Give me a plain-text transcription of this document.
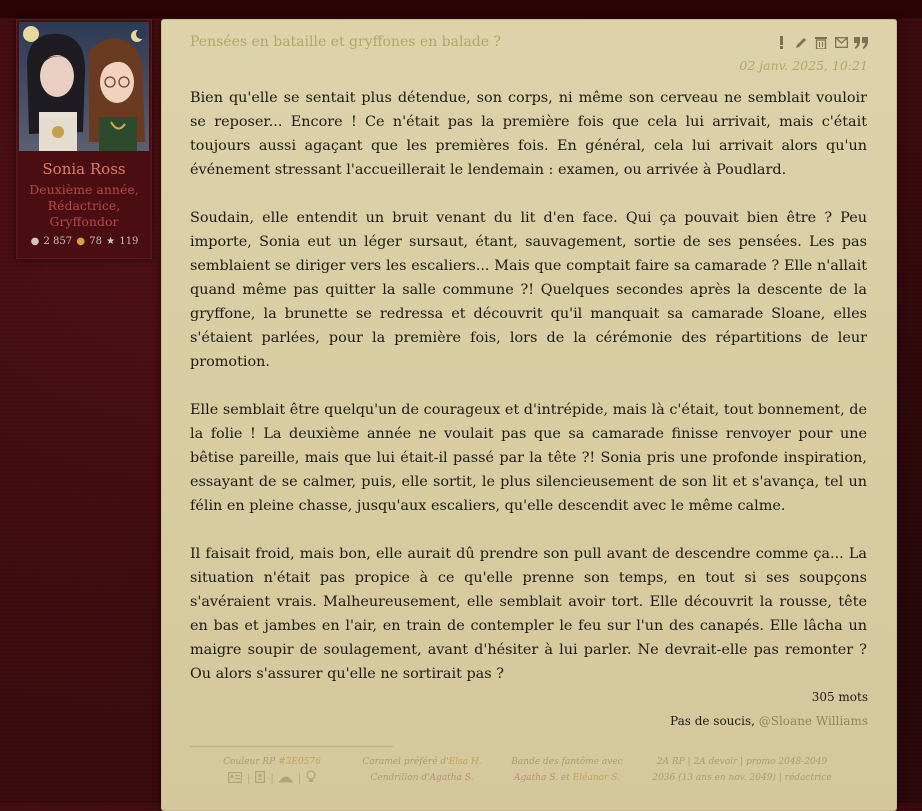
Sonia Ross
Deuxième année,
Rédactrice,
Gryffondor
● 2 857 ● 78 ★ 119
Pensées en bataille et gryffones en balade ?
02 janv. 2025, 10:21

Bien qu'elle se sentait plus détendue, son corps, ni même son cerveau ne semblait vouloir se reposer... Encore ! Ce n'était pas la première fois que cela lui arrivait, mais c'était toujours aussi agaçant que les premières fois. En général, cela lui arrivait alors qu'un événement stressant l'accueillerait le lendemain : examen, ou arrivée à Poudlard.

Soudain, elle entendit un bruit venant du lit d'en face. Qui ça pouvait bien être ? Peu importe, Sonia eut un léger sursaut, étant, sauvagement, sortie de ses pensées. Les pas semblaient se diriger vers les escaliers... Mais que comptait faire sa camarade ? Elle n'allait quand même pas quitter la salle commune ?! Quelques secondes après la descente de la gryffone, la brunette se redressa et découvrit qu'il manquait sa camarade Sloane, elles s'étaient parlées, pour la première fois, lors de la cérémonie des répartitions de leur promotion.

Elle semblait être quelqu'un de courageux et d'intrépide, mais là c'était, tout bonnement, de la folie ! La deuxième année ne voulait pas que sa camarade finisse renvoyer pour une bêtise pareille, mais que lui était-il passé par la tête ?! Sonia pris une profonde inspiration, essayant de se calmer, puis, elle sortit, le plus silencieusement de son lit et s'avança, tel un félin en pleine chasse, jusqu'aux escaliers, qu'elle descendit avec le même calme.

Il faisait froid, mais bon, elle aurait dû prendre son pull avant de descendre comme ça... La situation n'était pas propice à ce qu'elle prenne son temps, en tout si ses soupçons s'avéraient vrais. Malheureusement, elle semblait avoir tort. Elle découvrit la rousse, tête en bas et jambes en l'air, en train de contempler le feu sur l'un des canapés. Elle lâcha un maigre soupir de soulagement, avant d'hésiter à lui parler. Ne devrait-elle pas remonter ? Ou alors s'assurer qu'elle ne sortirait pas ?

305 mots
Pas de soucis, @Sloane Williams
Couleur RP #3E0576
| | |
Caramel préféré d'Elsa H.
Cendrillon d'Agatha S.
Bande des fantôme avec
Agatha S. et Eléanor S.
2A RP | 2A devoir | promo 2048-2049
2036 (13 ans en nov. 2049) | rédactrice
